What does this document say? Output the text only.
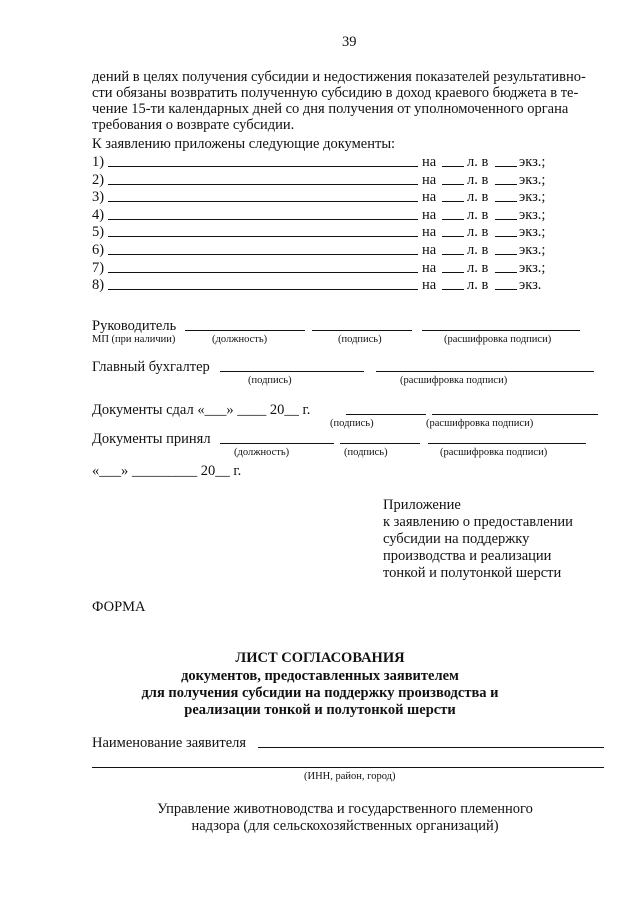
39
дений в целях получения субсидии и недостижения показателей результативно-
сти обязаны возвратить полученную субсидию в доход краевого бюджета в те-
чение 15-ти календарных дней со дня получения от уполномоченного органа
требования о возврате субсидии.
К заявлению приложены следующие документы:
1)	на л. в экз.;
2)	на л. в экз.;
3)	на л. в экз.;
4)	на л. в экз.;
5)	на л. в экз.;
6)	на л. в экз.;
7)	на л. в экз.;
8)	на л. в экз.
Руководитель
МП (при наличии)	(должность)	(подпись)	(расшифровка подписи)
Главный бухгалтер
(подпись)	(расшифровка подписи)
Документы сдал «___» ____ 20__ г.
(подпись)	(расшифровка подписи)
Документы принял
(должность)	(подпись)	(расшифровка подписи)
«___» _________ 20__ г.
Приложение
к заявлению о предоставлении
субсидии на поддержку
производства и реализации
тонкой и полутонкой шерсти
ФОРМА
ЛИСТ СОГЛАСОВАНИЯ
документов, предоставленных заявителем
для получения субсидии на поддержку производства и
реализации тонкой и полутонкой шерсти
Наименование заявителя
(ИНН, район, город)
Управление животноводства и государственного племенного
надзора (для сельскохозяйственных организаций)
